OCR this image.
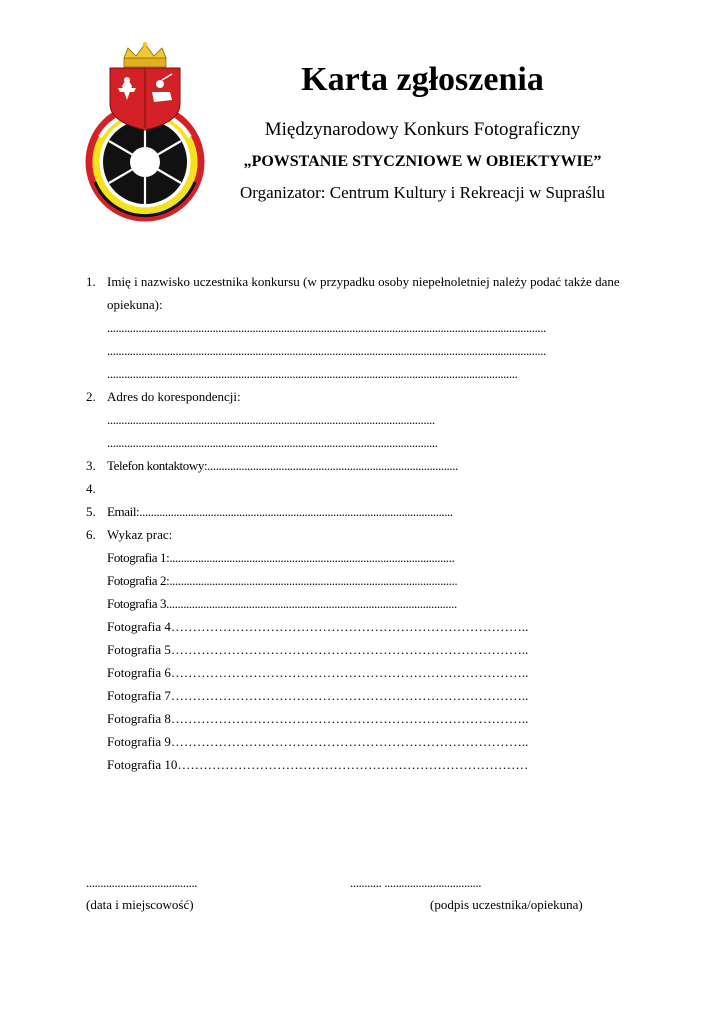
Karta zgłoszenia
Międzynarodowy Konkurs Fotograficzny
„POWSTANIE STYCZNIOWE W OBIEKTYWIE”
Organizator: Centrum Kultury i Rekreacji w Supraślu
1. Imię i nazwisko uczestnika konkursu (w przypadku osoby niepełnoletniej należy podać także dane
opiekuna):
..........................................................................................................................................................
..........................................................................................................................................................
................................................................................................................................................
2. Adres do korespondencji:
...................................................................................................................
....................................................................................................................
3. Telefon kontaktowy:........................................................................................
4.
5. Email:..............................................................................................................
6. Wykaz prac:
Fotografia 1:....................................................................................................
Fotografia 2:.....................................................................................................
Fotografia 3......................................................................................................
Fotografia 4………………………………………………………………………..
Fotografia 5………………………………………………………………………..
Fotografia 6………………………………………………………………………..
Fotografia 7………………………………………………………………………..
Fotografia 8………………………………………………………………………..
Fotografia 9………………………………………………………………………..
Fotografia 10………………………………………………………………………
.......................................
(data i miejscowość)
........... ..................................
(podpis uczestnika/opiekuna)
